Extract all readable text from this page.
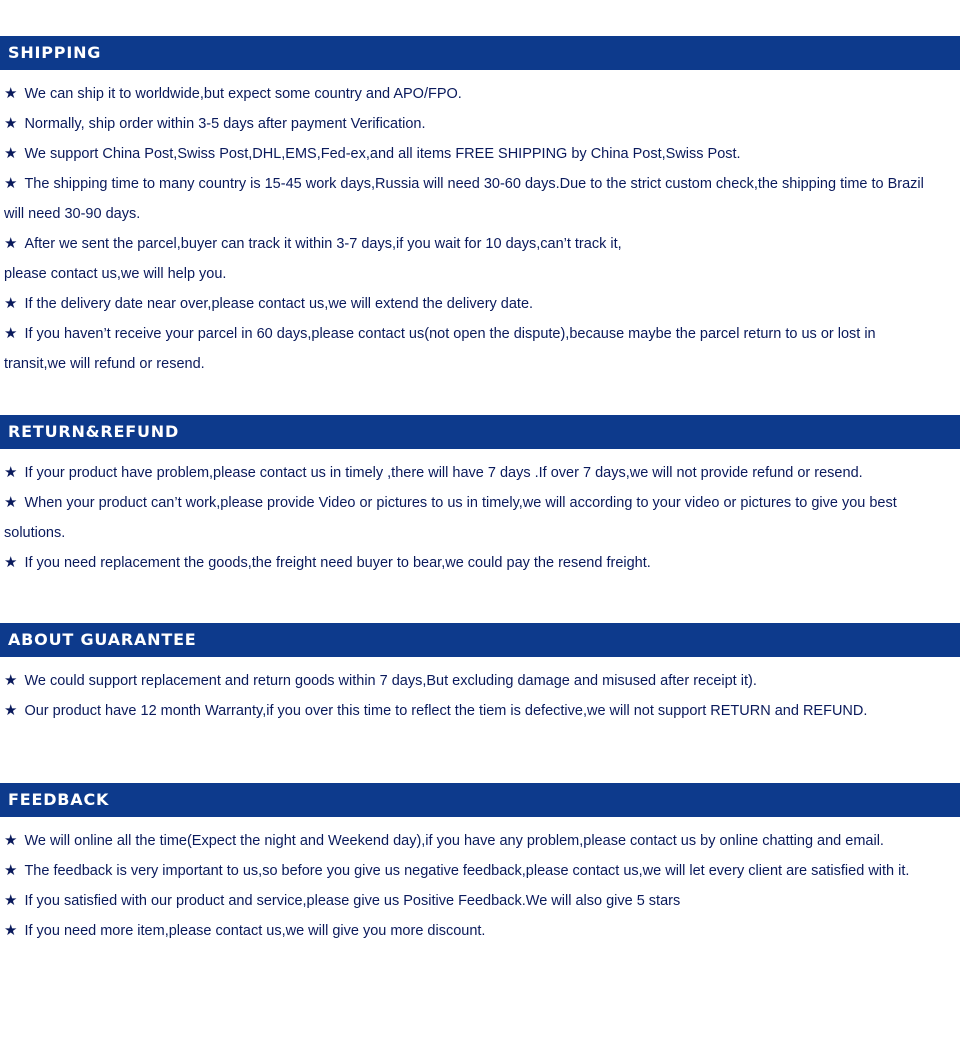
SHIPPING
★ We can ship it to worldwide,but expect some country and APO/FPO.
★ Normally, ship order within 3-5 days after payment Verification.
★ We support China Post,Swiss Post,DHL,EMS,Fed-ex,and all items FREE SHIPPING by China Post,Swiss Post.
★ The shipping time to many country is 15-45 work days,Russia will need 30-60 days.Due to the strict custom check,the shipping time to Brazil will need 30-90 days.
★ After we sent the parcel,buyer can track it within 3-7 days,if you wait for 10 days,can’t track it, please contact us,we will help you.
★ If the delivery date near over,please contact us,we will extend the delivery date.
★ If you haven’t receive your parcel in 60 days,please contact us(not open the dispute),because maybe the parcel return to us or lost in transit,we will refund or resend.
RETURN&REFUND
★ If your product have problem,please contact us in timely ,there will have 7 days .If over 7 days,we will not provide refund or resend.
★ When your product can’t work,please provide Video or pictures to us in timely,we will according to your video or pictures to give you best solutions.
★ If you need replacement the goods,the freight need buyer to bear,we could pay the resend freight.
ABOUT GUARANTEE
★ We could support replacement and return goods within 7 days,But excluding damage and misused after receipt it).
★ Our product have 12 month Warranty,if you over this time to reflect the tiem is defective,we will not support RETURN and REFUND.
FEEDBACK
★ We will online all the time(Expect the night and Weekend day),if you have any problem,please contact us by online chatting and email.
★ The feedback is very important to us,so before you give us negative feedback,please contact us,we will let every client are satisfied with it.
★ If you satisfied with our product and service,please give us Positive Feedback.We will also give 5 stars
★ If you need more item,please contact us,we will give you more discount.
